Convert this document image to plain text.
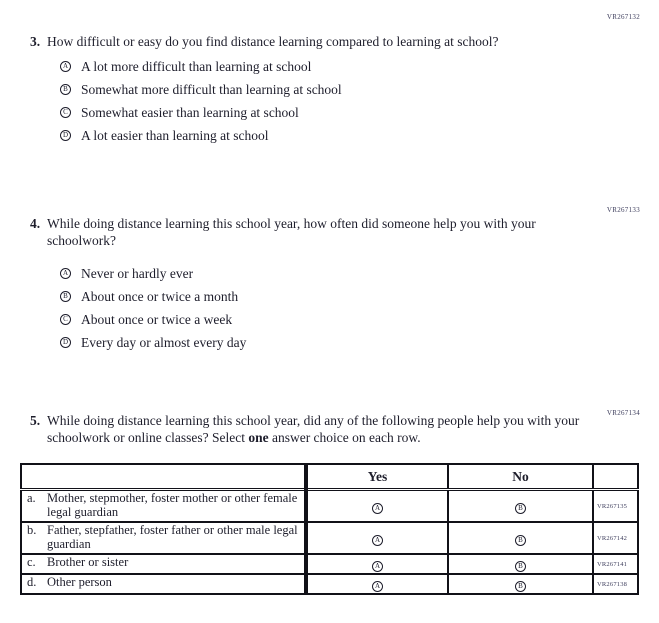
VR267132
VR267133
VR267134
3. How difficult or easy do you find distance learning compared to learning at school?
A A lot more difficult than learning at school
B Somewhat more difficult than learning at school
C Somewhat easier than learning at school
D A lot easier than learning at school
4. While doing distance learning this school year, how often did someone help you with your schoolwork?
A Never or hardly ever
B About once or twice a month
C About once or twice a week
D Every day or almost every day
5. While doing distance learning this school year, did any of the following people help you with your schoolwork or online classes? Select one answer choice on each row.
	Yes	No	

a. Mother, stepmother, foster mother or other female legal guardian	A	B	VR267135

b. Father, stepfather, foster father or other male legal guardian	A	B	VR267142

c. Brother or sister	A	B	VR267141

d. Other person	A	B	VR267138
